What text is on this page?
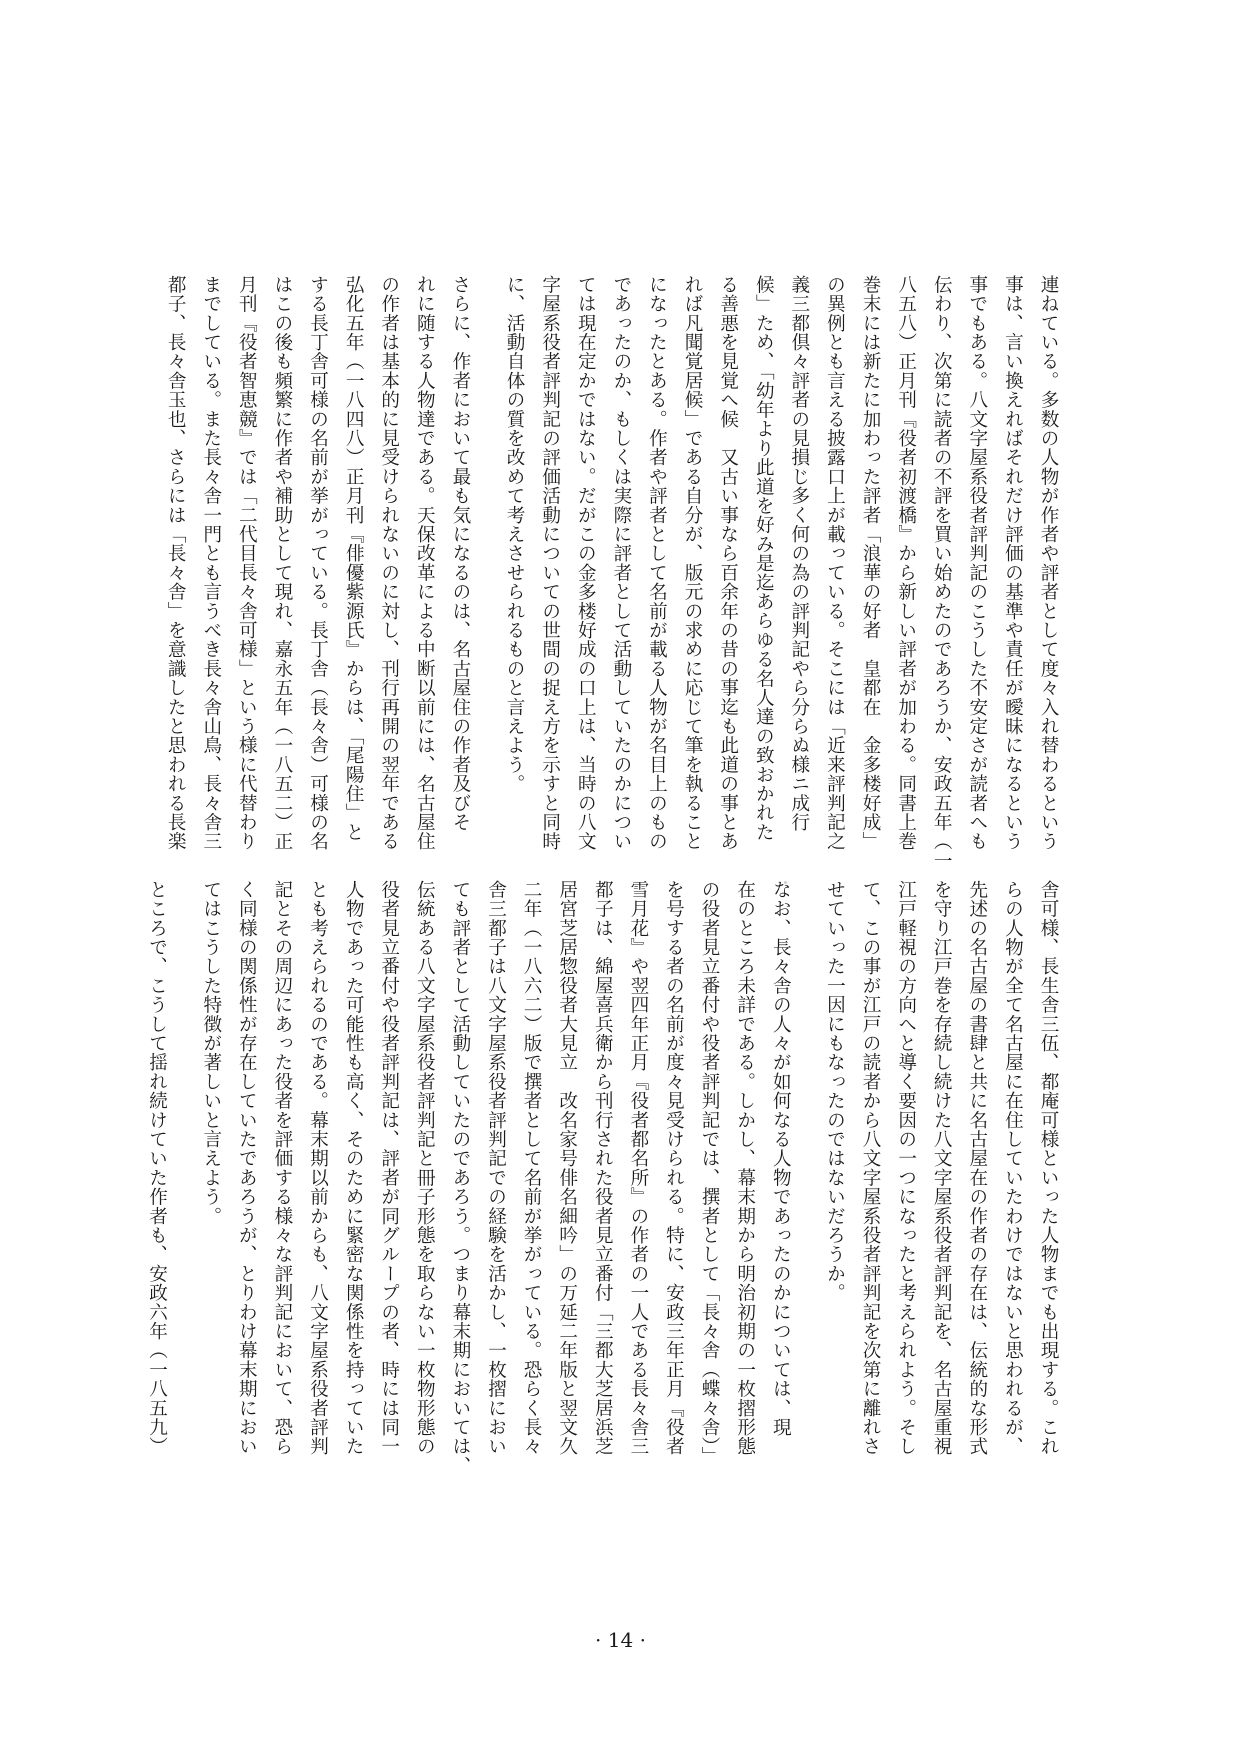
連ねている。多数の人物が作者や評者として度々入れ替わるという
事は、言い換えればそれだけ評価の基準や責任が曖昧になるという
事でもある。八文字屋系役者評判記のこうした不安定さが読者へも
伝わり、次第に読者の不評を買い始めたのであろうか、安政五年（一
八五八）正月刊『役者初渡橋』から新しい評者が加わる。同書上巻
巻末には新たに加わった評者「浪華の好者　皇都在　金多楼好成」
の異例とも言える披露口上が載っている。そこには「近来評判記之
義三都倶々評者の見損じ多く何の為の評判記やら分らぬ様ニ成行
候」ため、「幼年より此道を好み是迄あらゆる名人達の致おかれた
る善悪を見覚へ候　又古い事なら百余年の昔の事迄も此道の事とあ
れば凡聞覚居候」である自分が、版元の求めに応じて筆を執ること
になったとある。作者や評者として名前が載る人物が名目上のもの
であったのか、もしくは実際に評者として活動していたのかについ
ては現在定かではない。だがこの金多楼好成の口上は、当時の八文
字屋系役者評判記の評価活動についての世間の捉え方を示すと同時
に、活動自体の質を改めて考えさせられるものと言えよう。
さらに、作者において最も気になるのは、名古屋住の作者及びそ
れに随する人物達である。天保改革による中断以前には、名古屋住
の作者は基本的に見受けられないのに対し、刊行再開の翌年である
弘化五年（一八四八）正月刊『俳優紫源氏』からは、「尾陽住」と
する長丁舎可様の名前が挙がっている。長丁舎（長々舎）可様の名
はこの後も頻繁に作者や補助として現れ、嘉永五年（一八五二）正
月刊『役者智恵競』では「二代目長々舎可様」という様に代替わり
までしている。また長々舎一門とも言うべき長々舎山鳥、長々舎三
都子、長々舎玉也、さらには「長々舎」を意識したと思われる長楽
舎可様、長生舎三伍、都庵可様といった人物までも出現する。これ
らの人物が全て名古屋に在住していたわけではないと思われるが、
先述の名古屋の書肆と共に名古屋在の作者の存在は、伝統的な形式
を守り江戸巻を存続し続けた八文字屋系役者評判記を、名古屋重視
江戸軽視の方向へと導く要因の一つになったと考えられよう。そし
て、この事が江戸の読者から八文字屋系役者評判記を次第に離れさ
せていった一因にもなったのではないだろうか。
なお、長々舎の人々が如何なる人物であったのかについては、現
在のところ未詳である。しかし、幕末期から明治初期の一枚摺形態
の役者見立番付や役者評判記では、撰者として「長々舎（蝶々舎）」
を号する者の名前が度々見受けられる。特に、安政三年正月『役者
雪月花』や翌四年正月『役者都名所』の作者の一人である長々舎三
都子は、綿屋喜兵衛から刊行された役者見立番付「三都大芝居浜芝
居宮芝居惣役者大見立　改名家号俳名細吟」の万延二年版と翌文久
二年（一八六二）版で撰者として名前が挙がっている。恐らく長々
舎三都子は八文字屋系役者評判記での経験を活かし、一枚摺におい
ても評者として活動していたのであろう。つまり幕末期においては、
伝統ある八文字屋系役者評判記と冊子形態を取らない一枚物形態の
役者見立番付や役者評判記は、評者が同グループの者、時には同一
人物であった可能性も高く、そのために緊密な関係性を持っていた
とも考えられるのである。幕末期以前からも、八文字屋系役者評判
記とその周辺にあった役者を評価する様々な評判記において、恐ら
く同様の関係性が存在していたであろうが、とりわけ幕末期におい
てはこうした特徴が著しいと言えよう。
ところで、こうして揺れ続けていた作者も、安政六年（一八五九）
· 14 ·
